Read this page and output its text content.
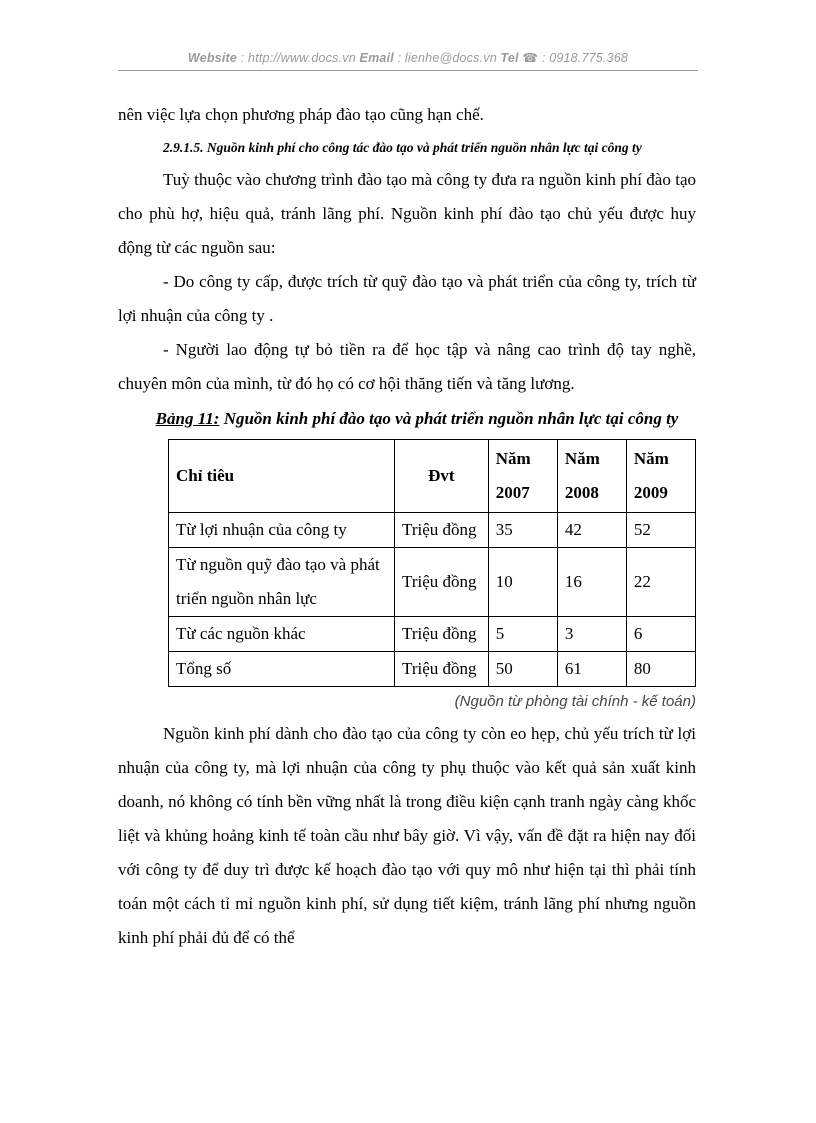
Website : http://www.docs.vn Email : lienhe@docs.vn Tel ☎ : 0918.775.368

nên việc lựa chọn phương pháp đào tạo cũng hạn chế.

2.9.1.5. Nguồn kinh phí cho công tác đào tạo và phát triển nguồn nhân lực tại công ty

Tuỳ thuộc vào chương trình đào tạo mà công ty đưa ra nguồn kinh phí đào tạo cho phù hợ, hiệu quả, tránh lãng phí. Nguồn kinh phí đào tạo chủ yếu được huy động từ các nguồn sau:

- Do công ty cấp, được trích từ quỹ đào tạo và phát triển của công ty, trích từ lợi nhuận của công ty .

- Người lao động tự bỏ tiền ra để học tập và nâng cao trình độ tay nghề, chuyên môn của mình, từ đó họ có cơ hội thăng tiến và tăng lương.

Bảng 11: Nguồn kinh phí đào tạo và phát triển nguồn nhân lực tại công ty

Chỉ tiêu	Đvt	Năm 2007	Năm 2008	Năm 2009
Từ lợi nhuận của công ty	Triệu đồng	35	42	52
Từ nguồn quỹ đào tạo và phát triển nguồn nhân lực	Triệu đồng	10	16	22
Từ các nguồn khác	Triệu đồng	5	3	6
Tổng số	Triệu đồng	50	61	80

(Nguồn từ phòng tài chính - kế toán)

Nguồn kinh phí dành cho đào tạo của công ty còn eo hẹp, chủ yếu trích từ lợi nhuận của công ty, mà lợi nhuận của công ty phụ thuộc vào kết quả sản xuất kinh doanh, nó không có tính bền vững nhất là trong điều kiện cạnh tranh ngày càng khốc liệt và khủng hoảng kinh tế toàn cầu như bây giờ. Vì vậy, vấn đề đặt ra hiện nay đối với công ty để duy trì được kế hoạch đào tạo với quy mô như hiện tại thì phải tính toán một cách tỉ mỉ nguồn kinh phí, sử dụng tiết kiệm, tránh lãng phí nhưng nguồn kinh phí phải đủ để có thể
